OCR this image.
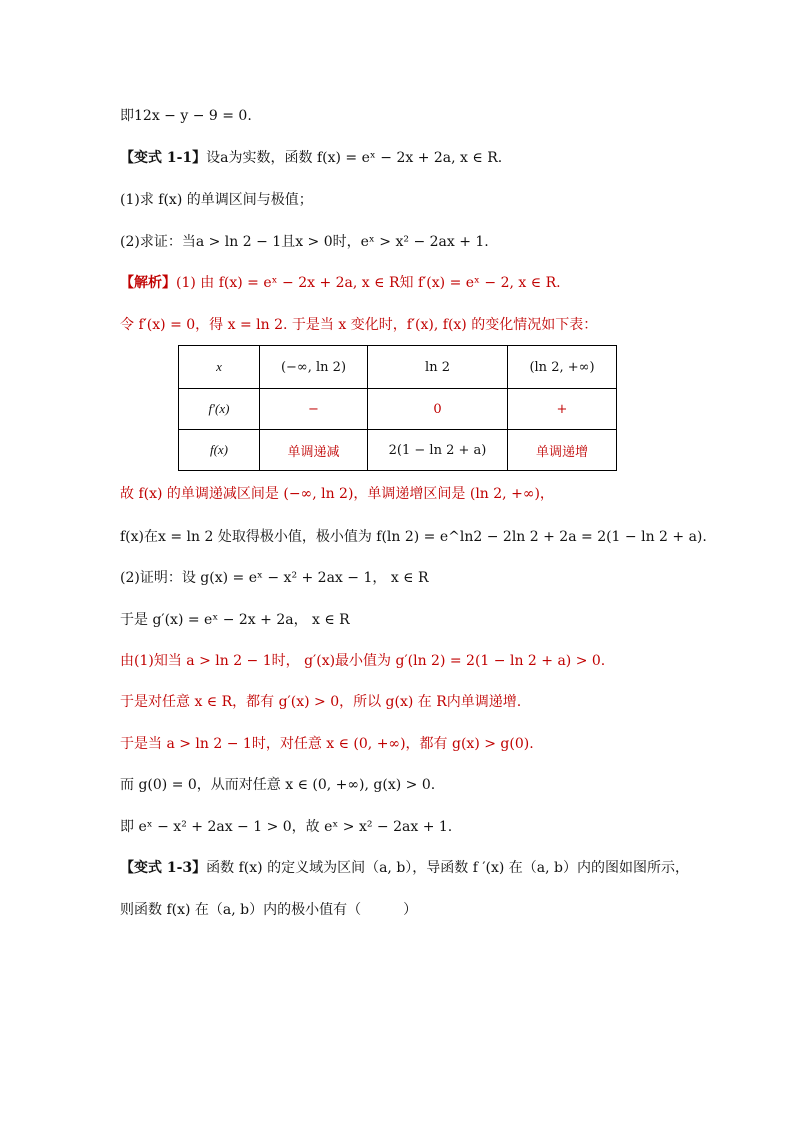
即12x − y − 9 = 0.
【变式 1-1】设a为实数，函数 f(x) = eˣ − 2x + 2a, x ∈ R.
(1)求 f(x) 的单调区间与极值；
(2)求证：当a > ln 2 − 1且x > 0时，eˣ > x² − 2ax + 1.
【解析】(1) 由 f(x) = eˣ − 2x + 2a, x ∈ R知 f′(x) = eˣ − 2, x ∈ R.
令 f′(x) = 0，得 x = ln 2. 于是当 x 变化时，f′(x), f(x) 的变化情况如下表：
x	(−∞, ln 2)	ln 2	(ln 2, +∞)
f′(x)	−	0	+
f(x)	单调递减	2(1 − ln 2 + a)	单调递增
故 f(x) 的单调递减区间是 (−∞, ln 2)，单调递增区间是 (ln 2, +∞)，
f(x)在x = ln 2 处取得极小值，极小值为 f(ln 2) = e^ln2 − 2ln 2 + 2a = 2(1 − ln 2 + a).
(2)证明：设 g(x) = eˣ − x² + 2ax − 1， x ∈ R
于是 g′(x) = eˣ − 2x + 2a， x ∈ R
由(1)知当 a > ln 2 − 1时， g′(x)最小值为 g′(ln 2) = 2(1 − ln 2 + a) > 0.
于是对任意 x ∈ R，都有 g′(x) > 0，所以 g(x) 在 R内单调递增.
于是当 a > ln 2 − 1时，对任意 x ∈ (0, +∞)，都有 g(x) > g(0).
而 g(0) = 0，从而对任意 x ∈ (0, +∞), g(x) > 0.
即 eˣ − x² + 2ax − 1 > 0，故 eˣ > x² − 2ax + 1.
【变式 1-3】函数 f(x) 的定义域为区间（a, b），导函数 f ′(x) 在（a, b）内的图如图所示，
则函数 f(x) 在（a, b）内的极小值有（　　　）
